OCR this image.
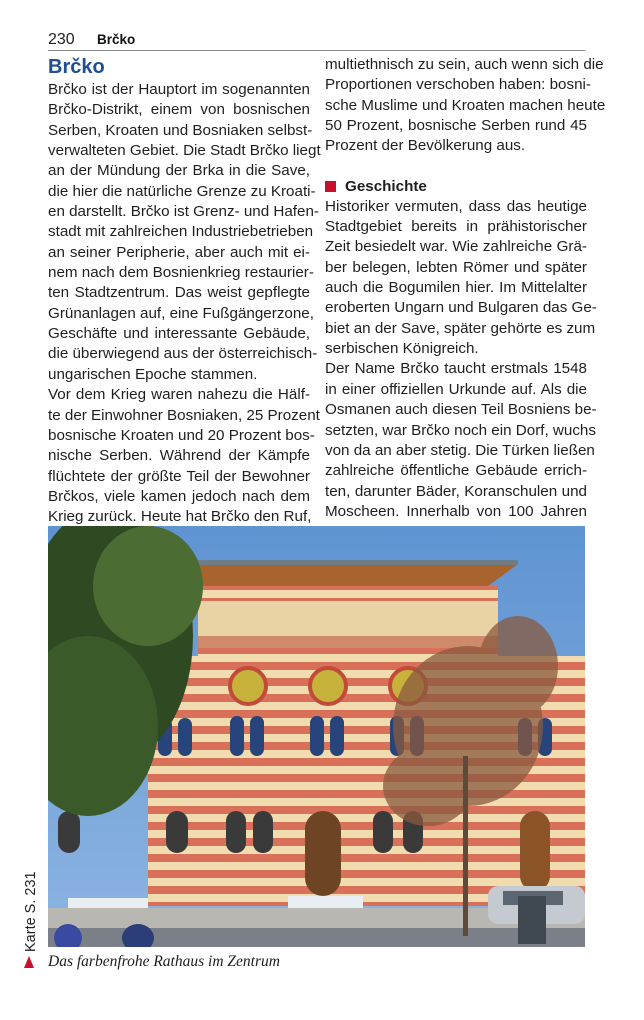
230 Brčko
Brčko
Brčko ist der Hauptort im sogenannten
Brčko-Distrikt, einem von bosnischen
Serben, Kroaten und Bosniaken selbst-
verwalteten Gebiet. Die Stadt Brčko liegt
an der Mündung der Brka in die Save,
die hier die natürliche Grenze zu Kroati-
en darstellt. Brčko ist Grenz- und Hafen-
stadt mit zahlreichen Industriebetrieben
an seiner Peripherie, aber auch mit ei-
nem nach dem Bosnienkrieg restaurier-
ten Stadtzentrum. Das weist gepflegte
Grünanlagen auf, eine Fußgängerzone,
Geschäfte und interessante Gebäude,
die überwiegend aus der österreichisch-
ungarischen Epoche stammen.
Vor dem Krieg waren nahezu die Hälf-
te der Einwohner Bosniaken, 25 Prozent
bosnische Kroaten und 20 Prozent bos-
nische Serben. Während der Kämpfe
flüchtete der größte Teil der Bewohner
Brčkos, viele kamen jedoch nach dem
Krieg zurück. Heute hat Brčko den Ruf,
multiethnisch zu sein, auch wenn sich die
Proportionen verschoben haben: bosni-
sche Muslime und Kroaten machen heute
50 Prozent, bosnische Serben rund 45
Prozent der Bevölkerung aus.
Geschichte
Historiker vermuten, dass das heutige
Stadtgebiet bereits in prähistorischer
Zeit besiedelt war. Wie zahlreiche Grä-
ber belegen, lebten Römer und später
auch die Bogumilen hier. Im Mittelalter
eroberten Ungarn und Bulgaren das Ge-
biet an der Save, später gehörte es zum
serbischen Königreich.
Der Name Brčko taucht erstmals 1548
in einer offiziellen Urkunde auf. Als die
Osmanen auch diesen Teil Bosniens be-
setzten, war Brčko noch ein Dorf, wuchs
von da an aber stetig. Die Türken ließen
zahlreiche öffentliche Gebäude errich-
ten, darunter Bäder, Koranschulen und
Moscheen. Innerhalb von 100 Jahren
Karte S. 231
Das farbenfrohe Rathaus im Zentrum
